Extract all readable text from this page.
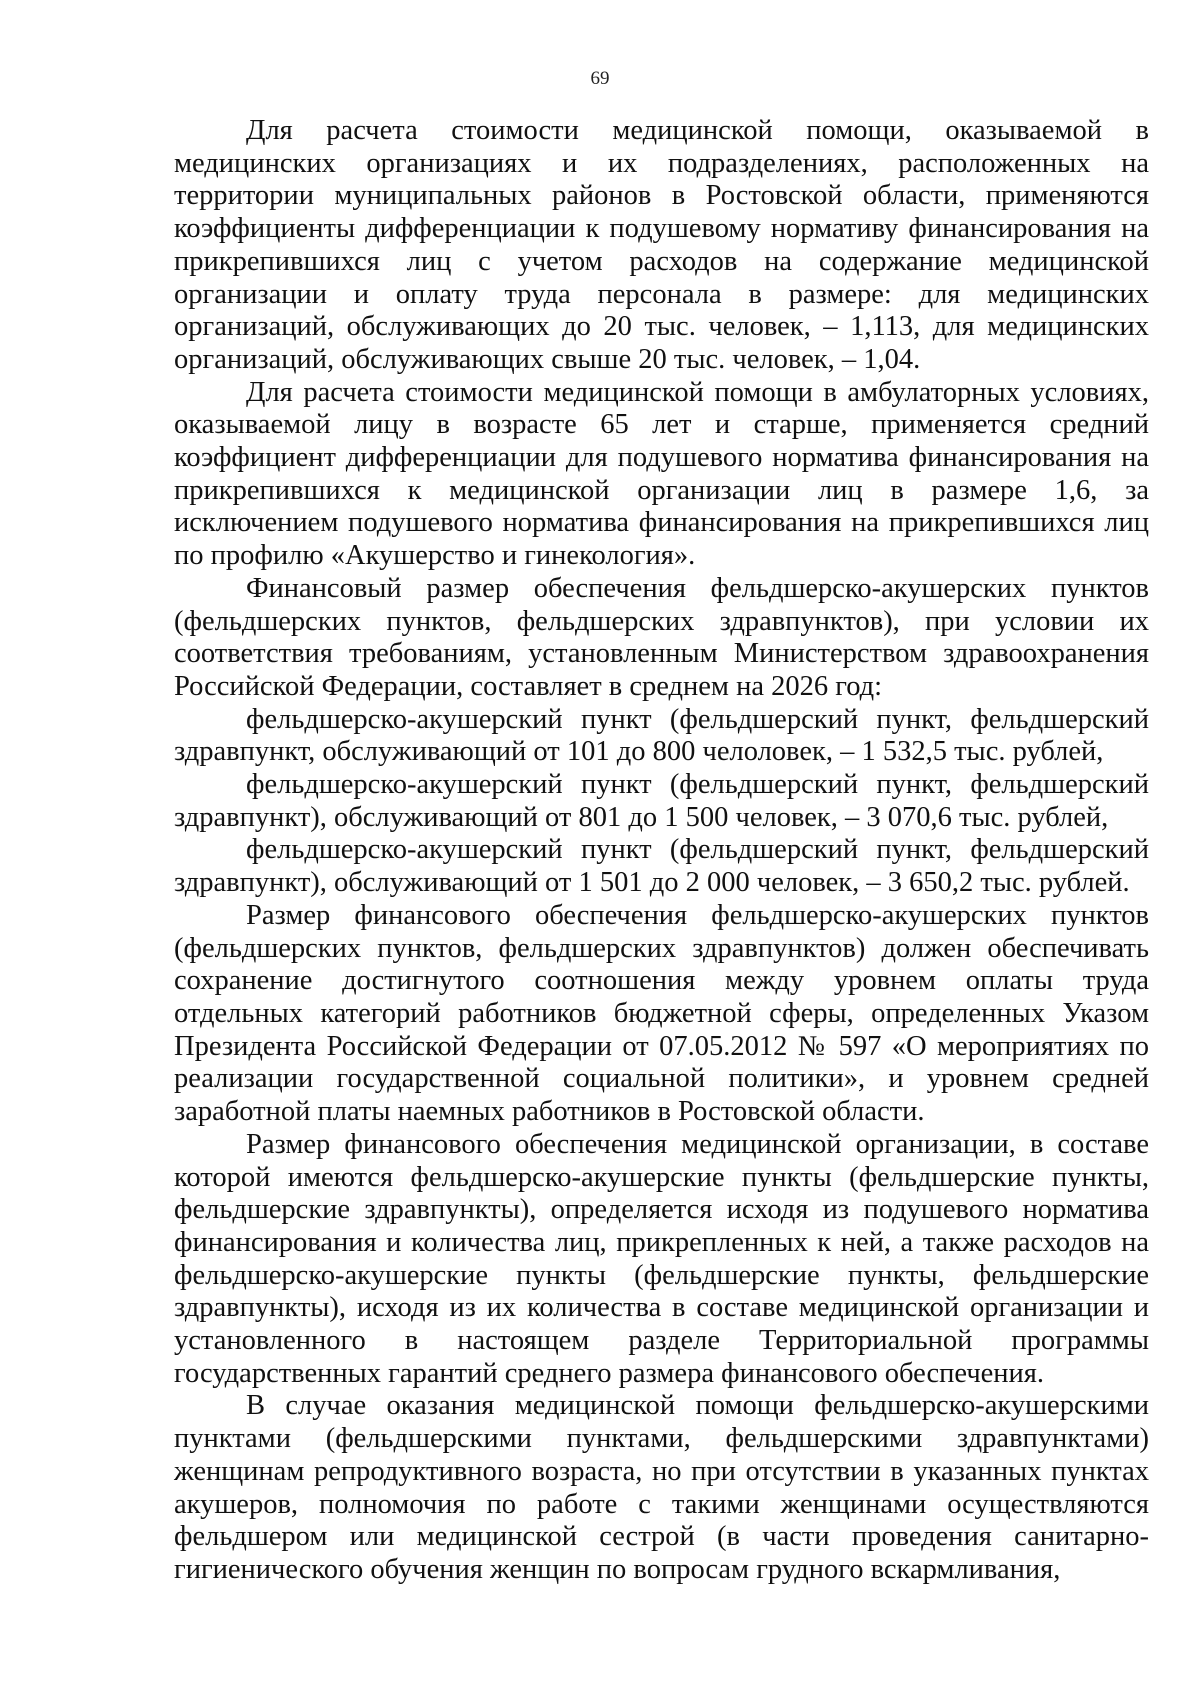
69

Для расчета стоимости медицинской помощи, оказываемой в медицинских организациях и их подразделениях, расположенных на территории муниципальных районов в Ростовской области, применяются коэффициенты дифференциации к подушевому нормативу финансирования на прикрепившихся лиц с учетом расходов на содержание медицинской организации и оплату труда персонала в размере: для медицинских организаций, обслуживающих до 20 тыс. человек, – 1,113, для медицинских организаций, обслуживающих свыше 20 тыс. человек, – 1,04.

Для расчета стоимости медицинской помощи в амбулаторных условиях, оказываемой лицу в возрасте 65 лет и старше, применяется средний коэффициент дифференциации для подушевого норматива финансирования на прикрепившихся к медицинской организации лиц в размере 1,6, за исключением подушевого норматива финансирования на прикрепившихся лиц по профилю «Акушерство и гинекология».

Финансовый размер обеспечения фельдшерско-акушерских пунктов (фельдшерских пунктов, фельдшерских здравпунктов), при условии их соответствия требованиям, установленным Министерством здравоохранения Российской Федерации, составляет в среднем на 2026 год:

фельдшерско-акушерский пункт (фельдшерский пункт, фельдшерский здравпункт, обслуживающий от 101 до 800 челоловек, – 1 532,5 тыс. рублей,

фельдшерско-акушерский пункт (фельдшерский пункт, фельдшерский здравпункт), обслуживающий от 801 до 1 500 человек, – 3 070,6 тыс. рублей,

фельдшерско-акушерский пункт (фельдшерский пункт, фельдшерский здравпункт), обслуживающий от 1 501 до 2 000 человек, – 3 650,2 тыс. рублей.

Размер финансового обеспечения фельдшерско-акушерских пунктов (фельдшерских пунктов, фельдшерских здравпунктов) должен обеспечивать сохранение достигнутого соотношения между уровнем оплаты труда отдельных категорий работников бюджетной сферы, определенных Указом Президента Российской Федерации от 07.05.2012 № 597 «О мероприятиях по реализации государственной социальной политики», и уровнем средней заработной платы наемных работников в Ростовской области.

Размер финансового обеспечения медицинской организации, в составе которой имеются фельдшерско-акушерские пункты (фельдшерские пункты, фельдшерские здравпункты), определяется исходя из подушевого норматива финансирования и количества лиц, прикрепленных к ней, а также расходов на фельдшерско-акушерские пункты (фельдшерские пункты, фельдшерские здравпункты), исходя из их количества в составе медицинской организации и установленного в настоящем разделе Территориальной программы государственных гарантий среднего размера финансового обеспечения.

В случае оказания медицинской помощи фельдшерско-акушерскими пунктами (фельдшерскими пунктами, фельдшерскими здравпунктами) женщинам репродуктивного возраста, но при отсутствии в указанных пунктах акушеров, полномочия по работе с такими женщинами осуществляются фельдшером или медицинской сестрой (в части проведения санитарно-гигиенического обучения женщин по вопросам грудного вскармливания,
